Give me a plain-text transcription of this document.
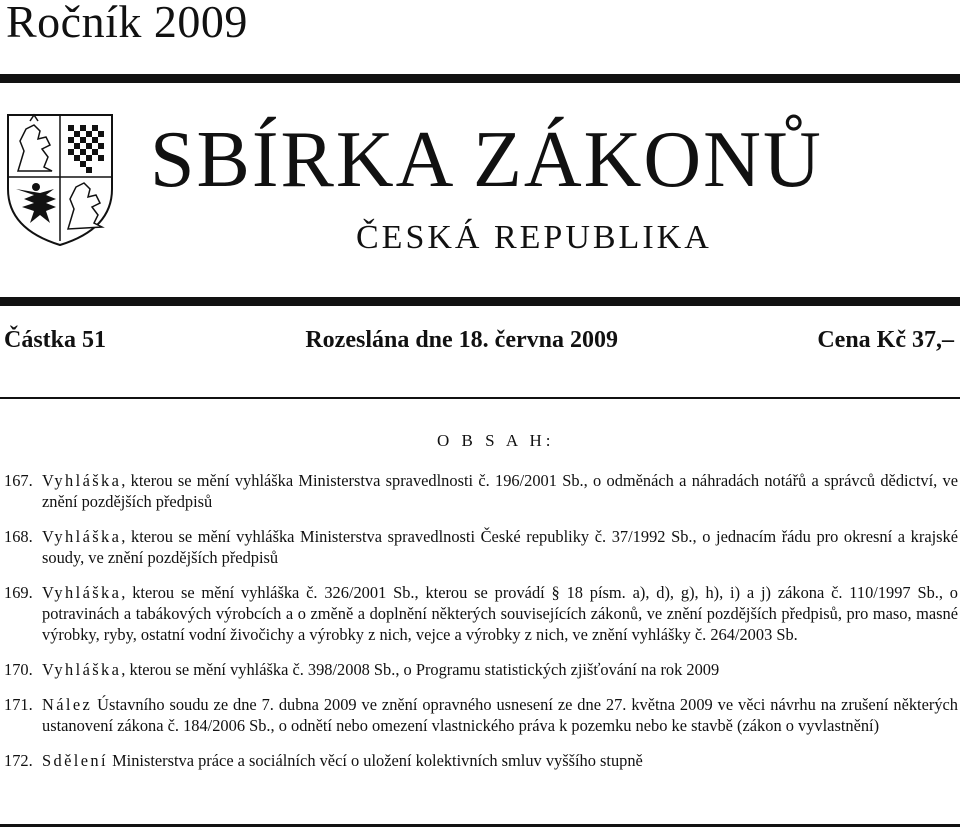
Ročník 2009
SBÍRKA ZÁKONŮ
ČESKÁ REPUBLIKA
Částka 51	Rozeslána dne 18. června 2009	Cena Kč 37,–
O B S A H:
167. Vyhláška, kterou se mění vyhláška Ministerstva spravedlnosti č. 196/2001 Sb., o odměnách a náhradách notářů a správců dědictví, ve znění pozdějších předpisů
168. Vyhláška, kterou se mění vyhláška Ministerstva spravedlnosti České republiky č. 37/1992 Sb., o jednacím řádu pro okresní a krajské soudy, ve znění pozdějších předpisů
169. Vyhláška, kterou se mění vyhláška č. 326/2001 Sb., kterou se provádí § 18 písm. a), d), g), h), i) a j) zákona č. 110/1997 Sb., o potravinách a tabákových výrobcích a o změně a doplnění některých souvisejících zákonů, ve znění pozdějších předpisů, pro maso, masné výrobky, ryby, ostatní vodní živočichy a výrobky z nich, vejce a výrobky z nich, ve znění vyhlášky č. 264/2003 Sb.
170. Vyhláška, kterou se mění vyhláška č. 398/2008 Sb., o Programu statistických zjišťování na rok 2009
171. Nález Ústavního soudu ze dne 7. dubna 2009 ve znění opravného usnesení ze dne 27. května 2009 ve věci návrhu na zrušení některých ustanovení zákona č. 184/2006 Sb., o odnětí nebo omezení vlastnického práva k pozemku nebo ke stavbě (zákon o vyvlastnění)
172. Sdělení Ministerstva práce a sociálních věcí o uložení kolektivních smluv vyššího stupně
